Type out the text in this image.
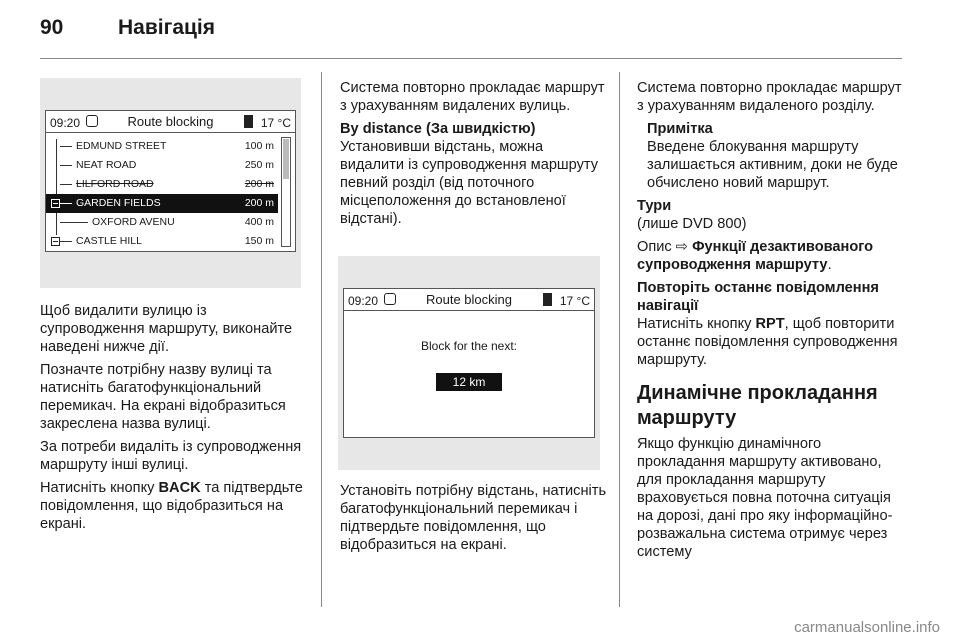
90	Навігація
09:20	Route blocking	17 °C
EDMUND STREET	100 m
NEAT ROAD	250 m
LILFORD ROAD	200 m
GARDEN FIELDS	200 m
OXFORD AVENU	400 m
CASTLE HILL	150 m
09:20	Route blocking	17 °C
Block for the next:
12 km

Щоб видалити вулицю із супроводження маршруту, виконайте наведені нижче дії.

Позначте потрібну назву вулиці та натисніть багатофункціональний перемикач. На екрані відобразиться закреслена назва вулиці.

За потреби видаліть із супроводження маршруту інші вулиці.

Натисніть кнопку BACK та підтвердьте повідомлення, що відобразиться на екрані.

Система повторно прокладає маршрут з урахуванням видалених вулиць.

By distance (За швидкістю)

Установивши відстань, можна видалити із супроводження маршруту певний розділ (від поточного місцеположення до встановленої відстані).

Установіть потрібну відстань, натисніть багатофункціональний перемикач і підтвердьте повідомлення, що відобразиться на екрані.

Система повторно прокладає маршрут з урахуванням видаленого розділу.

Примітка

Введене блокування маршруту залишається активним, доки не буде обчислено новий маршрут.

Тури

(лише DVD 800)

Опис ⇨ Функції дезактивованого супроводження маршруту.

Повторіть останнє повідомлення навігації

Натисніть кнопку RPT, щоб повторити останнє повідомлення супроводження маршруту.

Динамічне прокладання маршруту

Якщо функцію динамічного прокладання маршруту активовано, для прокладання маршруту враховується повна поточна ситуація на дорозі, дані про яку інформаційно-розважальна система отримує через систему

carmanualsonline.info
